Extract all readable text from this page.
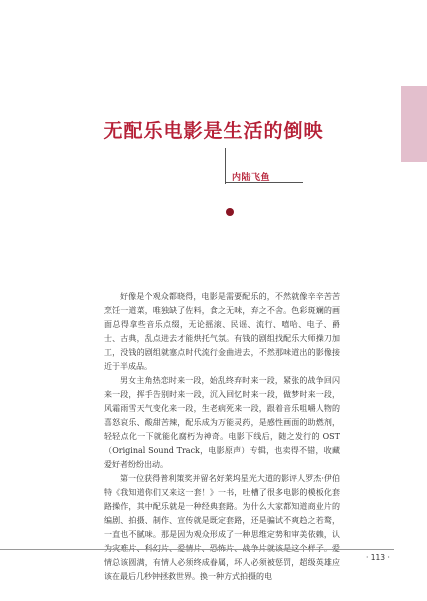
无配乐电影是生活的倒映
内陆飞鱼

好像是个观众都晓得，电影是需要配乐的，不然就像辛辛苦苦烹饪一道菜，唯独缺了佐料，食之无味，弃之不舍。色彩斑斓的画面总得拿些音乐点缀，无论摇滚、民谣、流行、嘻哈、电子、爵士、古典，乱点进去才能烘托气氛。有钱的剧组找配乐大师操刀加工，没钱的剧组就塞点时代流行金曲进去，不然那味道出的影像接近于半成品。

男女主角热恋时来一段，始乱终弃时来一段，紧张的战争回闪来一段，挥手告别时来一段，沉入回忆时来一段，做梦时来一段，风霜雨雪天气变化来一段，生老病死来一段，跟着音乐咀嚼人物的喜怒哀乐、酸甜苦辣，配乐成为万能灵药，是感性画面的助燃剂，轻轻点化一下就能化腐朽为神奇。电影下线后，随之发行的 OST（Original Sound Track，电影原声）专辑，也卖得不错，收藏爱好者纷纷出动。

第一位获得普利策奖并留名好莱坞星光大道的影评人罗杰·伊伯特《我知道你们又来这一套！》一书，吐槽了很多电影的模板化套路操作，其中配乐就是一种经典套路。为什么大家都知道商业片的编剧、拍摄、制作、宣传就是既定套路，还是骗试不爽趋之若鹜，一直也不腻味。那是因为观众形成了一种思维定势和审美依赖，认 情总该圆满，有情人必须终成眷属，坏人必须被惩罚，超级英雄应该在最后几秒钟拯救世界。换一种方式拍摄的电

· 113 ·
